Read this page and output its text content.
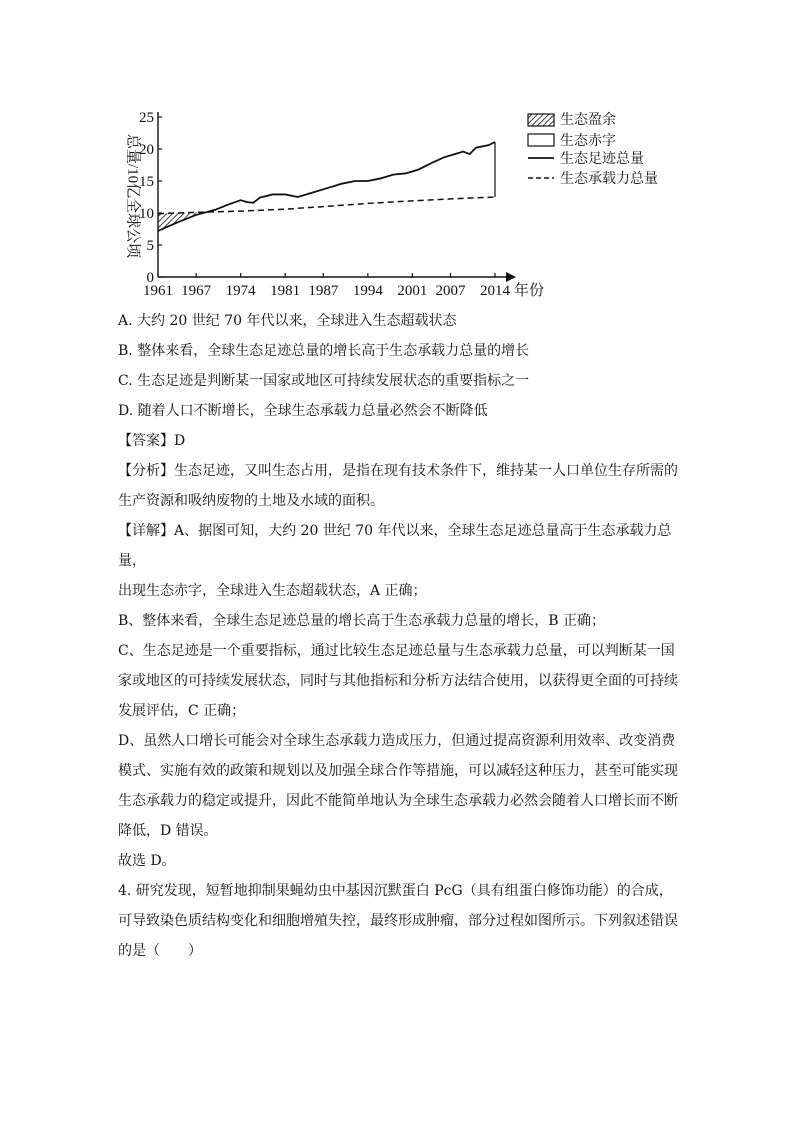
0
5
10
15
20
25
1961 1967 1974 1981 1987 1994 2001 2007 2014
总量/10亿全球公顷
年份
生态盈余
生态赤字
生态足迹总量
生态承载力总量

A. 大约 20 世纪 70 年代以来，全球进入生态超载状态

B. 整体来看，全球生态足迹总量的增长高于生态承载力总量的增长

C. 生态足迹是判断某一国家或地区可持续发展状态的重要指标之一

D. 随着人口不断增长，全球生态承载力总量必然会不断降低

【答案】D

【分析】生态足迹，又叫生态占用，是指在现有技术条件下，维持某一人口单位生存所需的

生产资源和吸纳废物的土地及水域的面积。

【详解】A、据图可知，大约 20 世纪 70 年代以来，全球生态足迹总量高于生态承载力总量，

出现生态赤字，全球进入生态超载状态，A 正确；

B、整体来看，全球生态足迹总量的增长高于生态承载力总量的增长，B 正确；

C、生态足迹是一个重要指标，通过比较生态足迹总量与生态承载力总量，可以判断某一国

家或地区的可持续发展状态，同时与其他指标和分析方法结合使用，以获得更全面的可持续

发展评估，C 正确；

D、虽然人口增长可能会对全球生态承载力造成压力，但通过提高资源利用效率、改变消费

模式、实施有效的政策和规划以及加强全球合作等措施，可以减轻这种压力，甚至可能实现

生态承载力的稳定或提升，因此不能简单地认为全球生态承载力必然会随着人口增长而不断

降低，D 错误。

故选 D。

4. 研究发现，短暂地抑制果蝇幼虫中基因沉默蛋白 PcG（具有组蛋白修饰功能）的合成，

可导致染色质结构变化和细胞增殖失控，最终形成肿瘤，部分过程如图所示。下列叙述错误

的是（　　）
